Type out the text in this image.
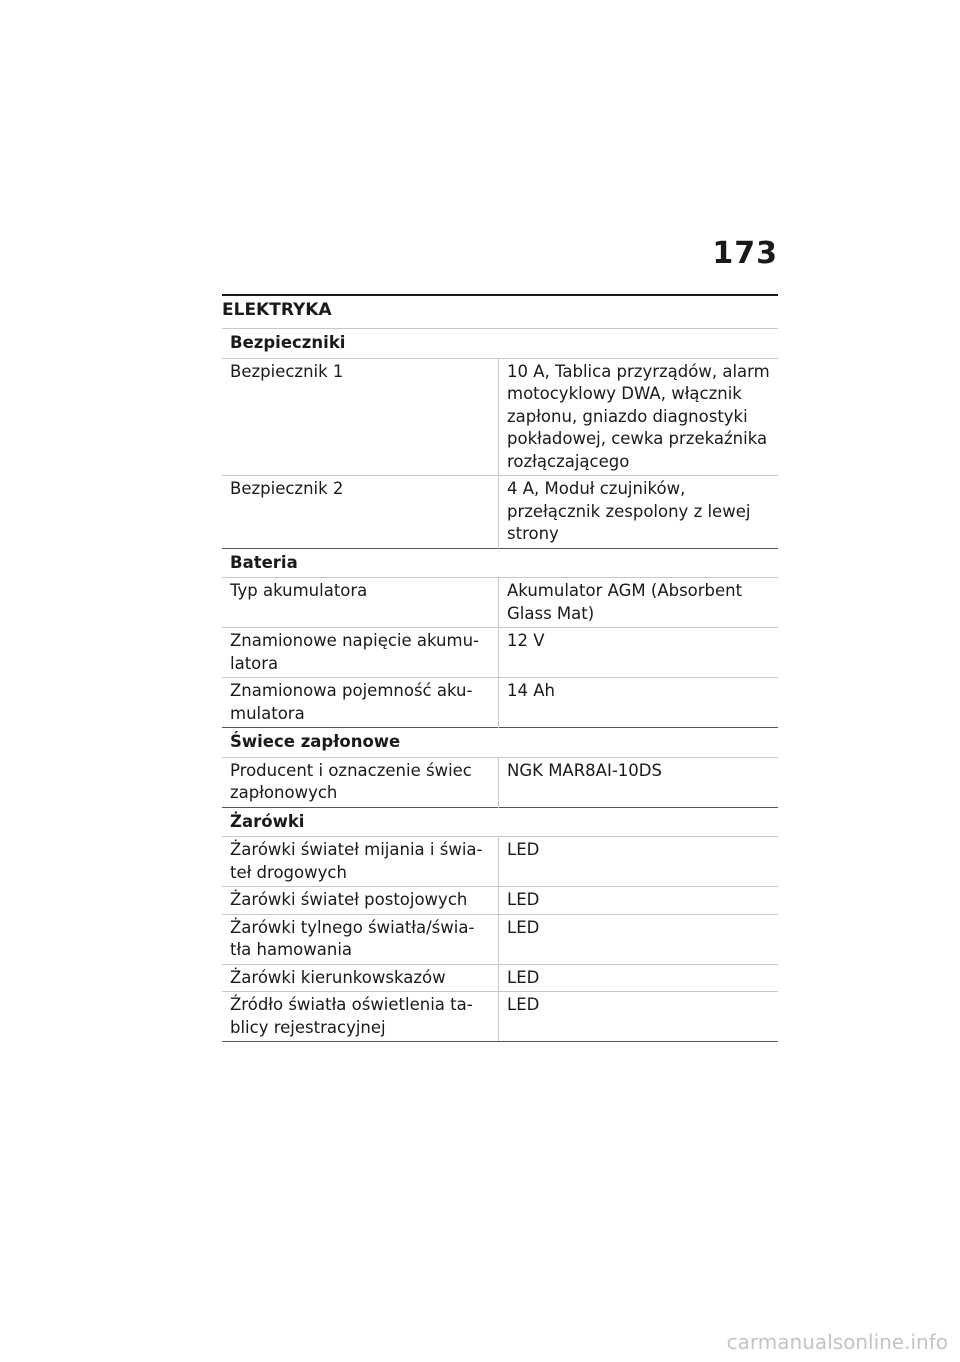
173
ELEKTRYKA
Bezpieczniki	
Bezpiecznik 1	10 A, Tablica przyrządów, alarm motocyklowy DWA, włącznik zapłonu, gniazdo diagnostyki pokładowej, cewka przekaźnika rozłączającego
Bezpiecznik 2	4 A, Moduł czujników, przełącznik zespolony z lewej strony
Bateria	
Typ akumulatora	Akumulator AGM (Absorbent Glass Mat)
Znamionowe napięcie akumu-latora	12 V
Znamionowa pojemność aku-mulatora	14 Ah
Świece zapłonowe	
Producent i oznaczenie świec zapłonowych	NGK MAR8AI-10DS
Żarówki	
Żarówki świateł mijania i świa-teł drogowych	LED
Żarówki świateł postojowych	LED
Żarówki tylnego światła/świa-tła hamowania	LED
Żarówki kierunkowskazów	LED
Źródło światła oświetlenia ta-blicy rejestracyjnej	LED
carmanualsonline.info
